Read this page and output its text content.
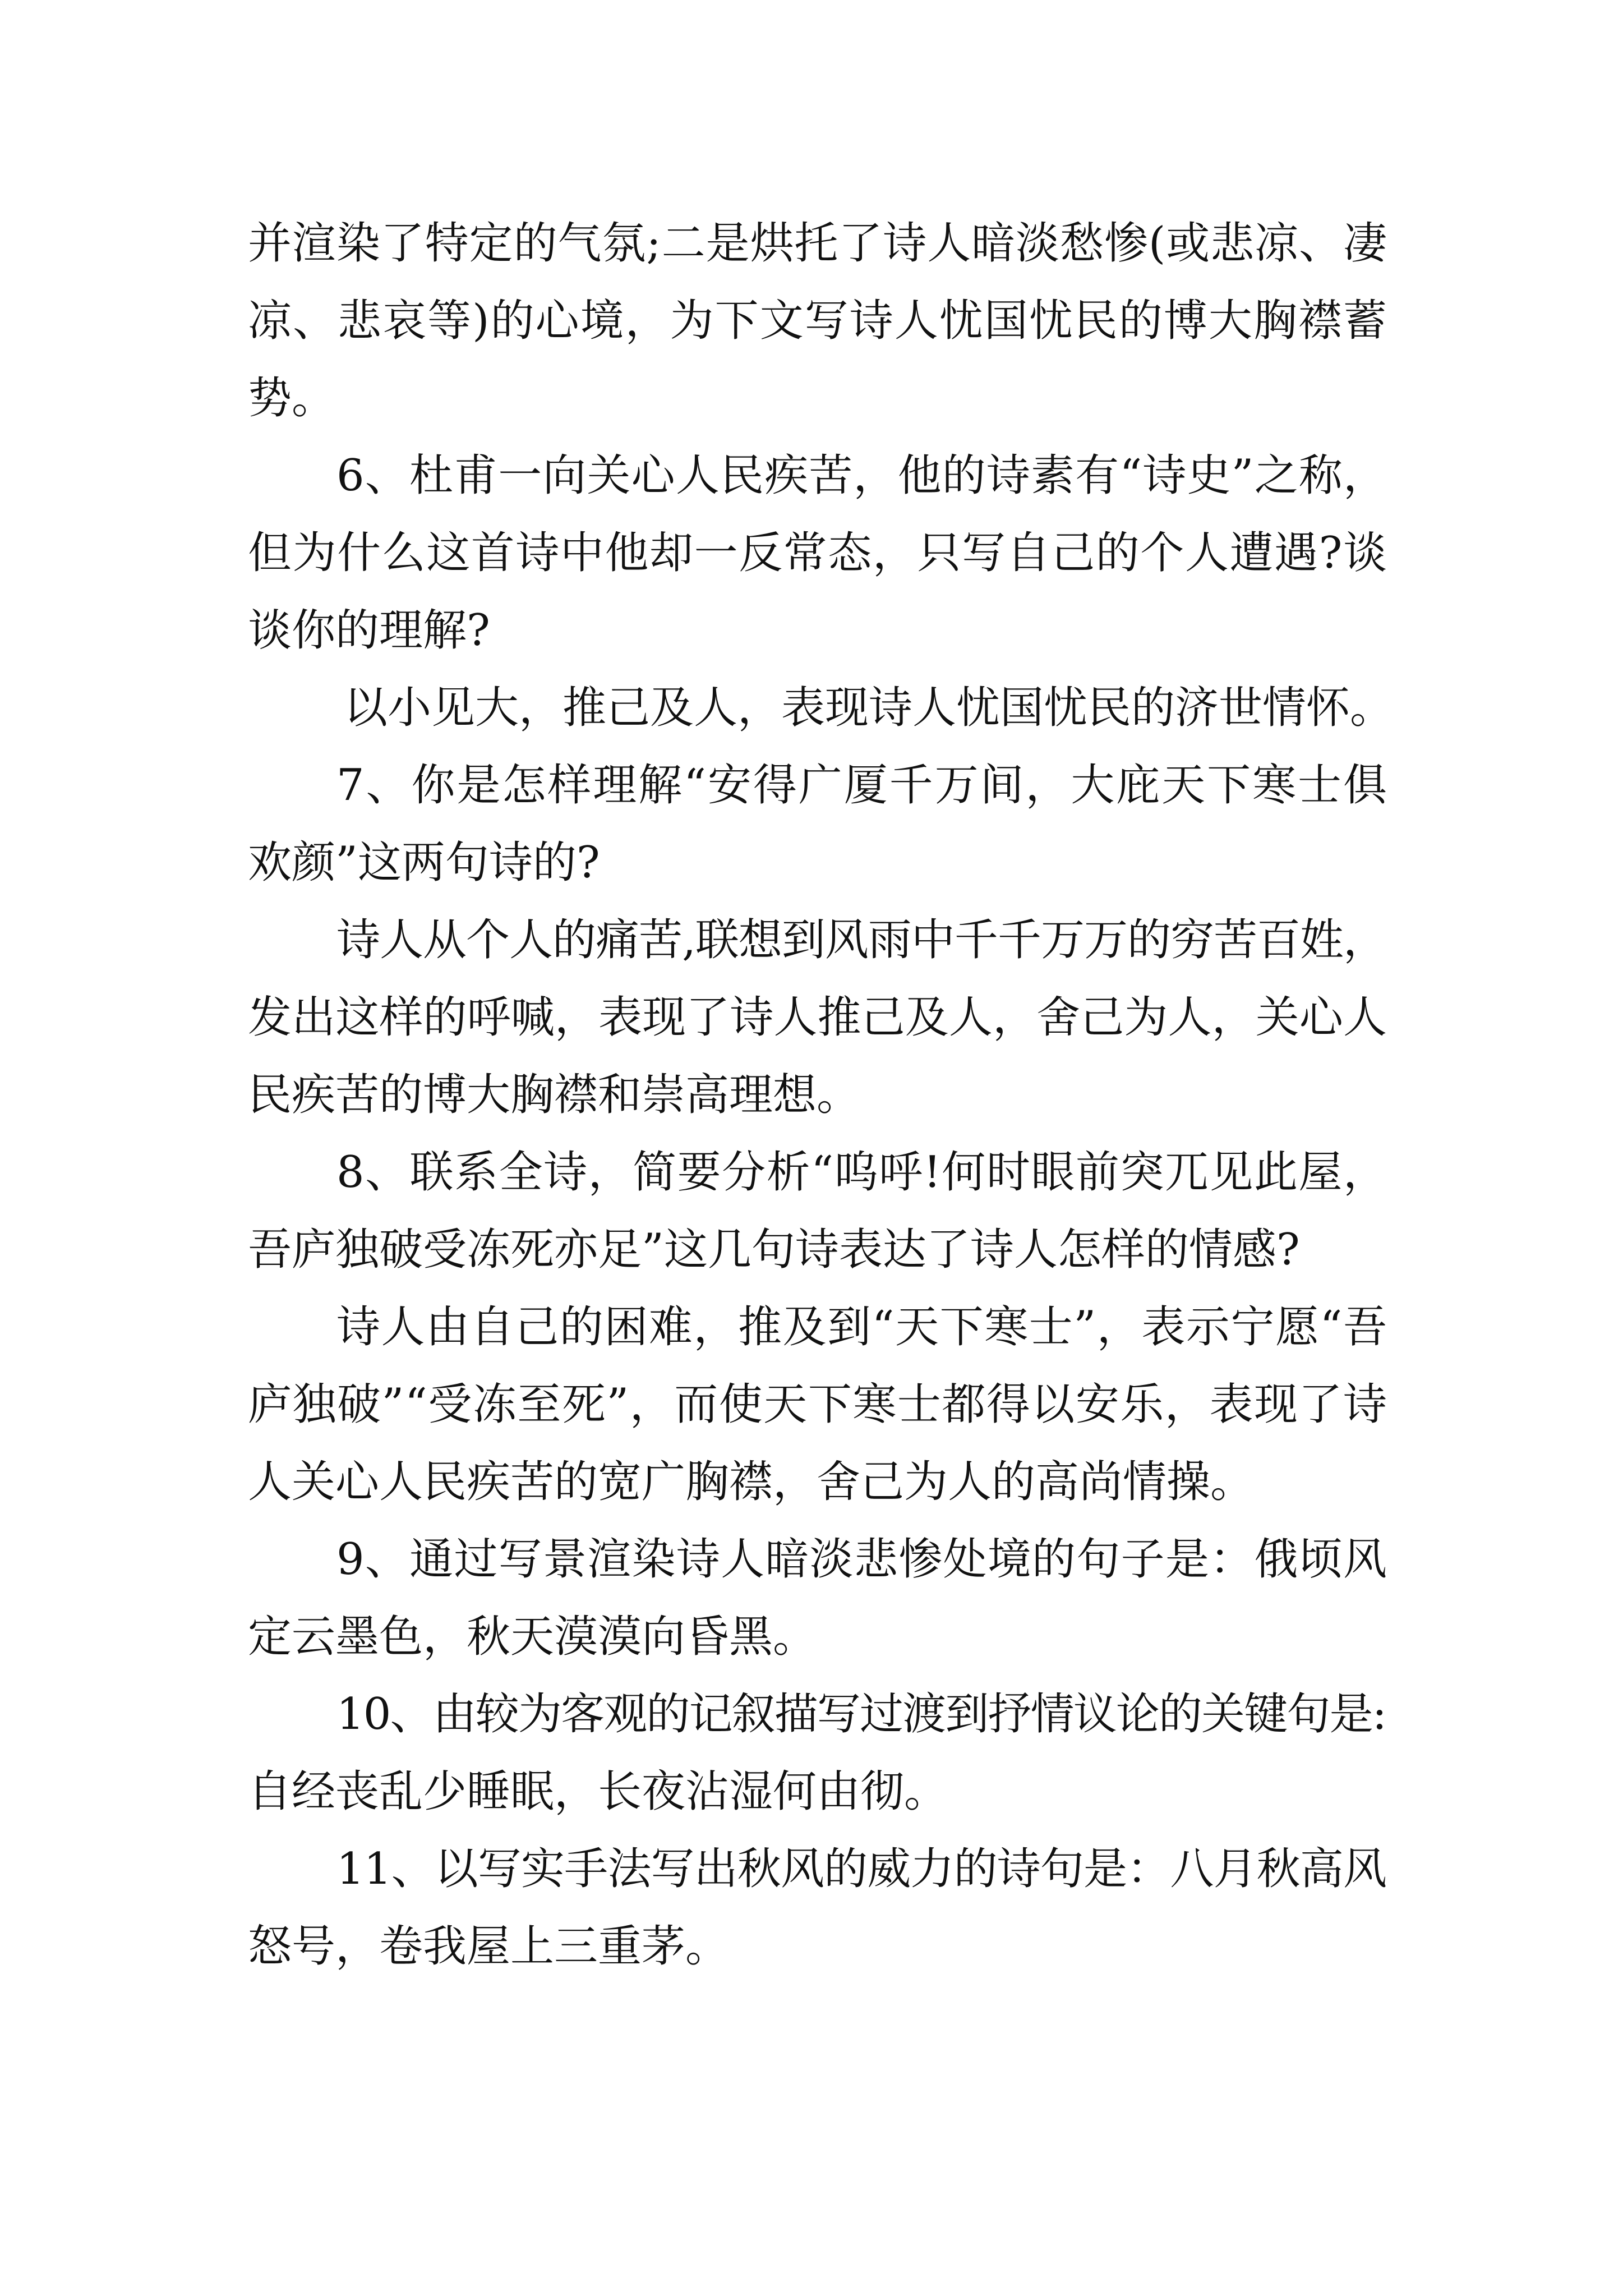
并渲染了特定的气氛;二是烘托了诗人暗淡愁惨(或悲凉、凄
凉、悲哀等)的心境，为下文写诗人忧国忧民的博大胸襟蓄
势。
6、杜甫一向关心人民疾苦，他的诗素有“诗史”之称，
但为什么这首诗中他却一反常态，只写自己的个人遭遇?谈
谈你的理解?
以小见大，推己及人，表现诗人忧国忧民的济世情怀。
7、你是怎样理解“安得广厦千万间，大庇天下寒士俱
欢颜”这两句诗的?
诗人从个人的痛苦,联想到风雨中千千万万的穷苦百姓，
发出这样的呼喊，表现了诗人推己及人，舍己为人，关心人
民疾苦的博大胸襟和崇高理想。
8、联系全诗，简要分析“呜呼!何时眼前突兀见此屋，
吾庐独破受冻死亦足”这几句诗表达了诗人怎样的情感?
诗人由自己的困难，推及到“天下寒士”，表示宁愿“吾
庐独破”“受冻至死”，而使天下寒士都得以安乐，表现了诗
人关心人民疾苦的宽广胸襟，舍己为人的高尚情操。
9、通过写景渲染诗人暗淡悲惨处境的句子是：俄顷风
定云墨色，秋天漠漠向昏黑。
10、由较为客观的记叙描写过渡到抒情议论的关键句是:
自经丧乱少睡眠，长夜沾湿何由彻。
11、以写实手法写出秋风的威力的诗句是：八月秋高风
怒号，卷我屋上三重茅。
